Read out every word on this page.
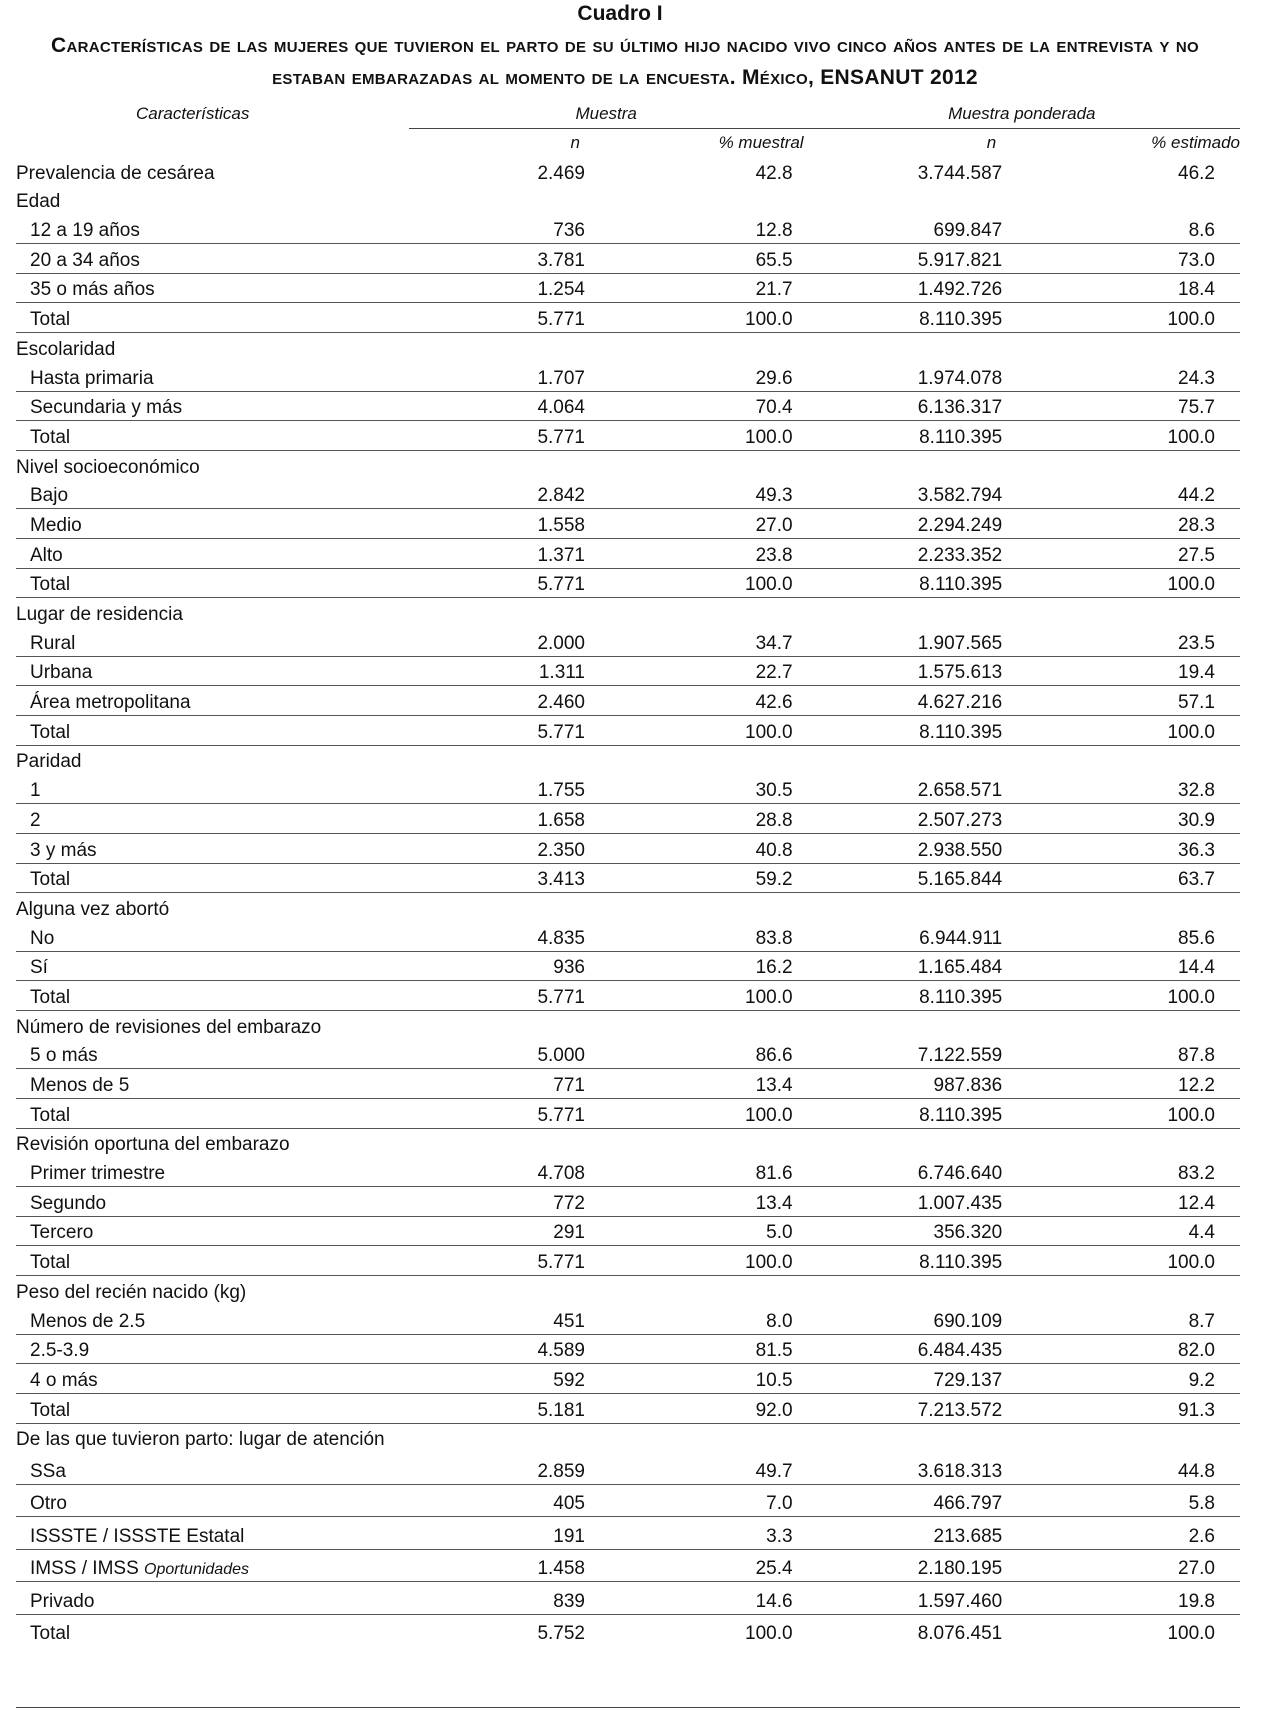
Cuadro I
Características de las mujeres que tuvieron el parto de su último hijo nacido vivo cinco años antes de la entrevista y no estaban embarazadas al momento de la encuesta. México, ENSANUT 2012
Características	Muestra		Muestra ponderada	
	n	% muestral	n	% estimado
Prevalencia de cesárea	2.469	42.8	3.744.587	46.2
Edad				
12 a 19 años	736	12.8	699.847	8.6
20 a 34 años	3.781	65.5	5.917.821	73.0
35 o más años	1.254	21.7	1.492.726	18.4
Total	5.771	100.0	8.110.395	100.0
Escolaridad				
Hasta primaria	1.707	29.6	1.974.078	24.3
Secundaria y más	4.064	70.4	6.136.317	75.7
Total	5.771	100.0	8.110.395	100.0
Nivel socioeconómico				
Bajo	2.842	49.3	3.582.794	44.2
Medio	1.558	27.0	2.294.249	28.3
Alto	1.371	23.8	2.233.352	27.5
Total	5.771	100.0	8.110.395	100.0
Lugar de residencia				
Rural	2.000	34.7	1.907.565	23.5
Urbana	1.311	22.7	1.575.613	19.4
Área metropolitana	2.460	42.6	4.627.216	57.1
Total	5.771	100.0	8.110.395	100.0
Paridad				
1	1.755	30.5	2.658.571	32.8
2	1.658	28.8	2.507.273	30.9
3 y más	2.350	40.8	2.938.550	36.3
Total	3.413	59.2	5.165.844	63.7
Alguna vez abortó				
No	4.835	83.8	6.944.911	85.6
Sí	936	16.2	1.165.484	14.4
Total	5.771	100.0	8.110.395	100.0
Número de revisiones del embarazo				
5 o más	5.000	86.6	7.122.559	87.8
Menos de 5	771	13.4	987.836	12.2
Total	5.771	100.0	8.110.395	100.0
Revisión oportuna del embarazo				
Primer trimestre	4.708	81.6	6.746.640	83.2
Segundo	772	13.4	1.007.435	12.4
Tercero	291	5.0	356.320	4.4
Total	5.771	100.0	8.110.395	100.0
Peso del recién nacido (kg)				
Menos de 2.5	451	8.0	690.109	8.7
2.5-3.9	4.589	81.5	6.484.435	82.0
4 o más	592	10.5	729.137	9.2
Total	5.181	92.0	7.213.572	91.3
De las que tuvieron parto: lugar de atención				
SSa	2.859	49.7	3.618.313	44.8
Otro	405	7.0	466.797	5.8
ISSSTE / ISSSTE Estatal	191	3.3	213.685	2.6
IMSS / IMSS Oportunidades	1.458	25.4	2.180.195	27.0
Privado	839	14.6	1.597.460	19.8
Total	5.752	100.0	8.076.451	100.0
